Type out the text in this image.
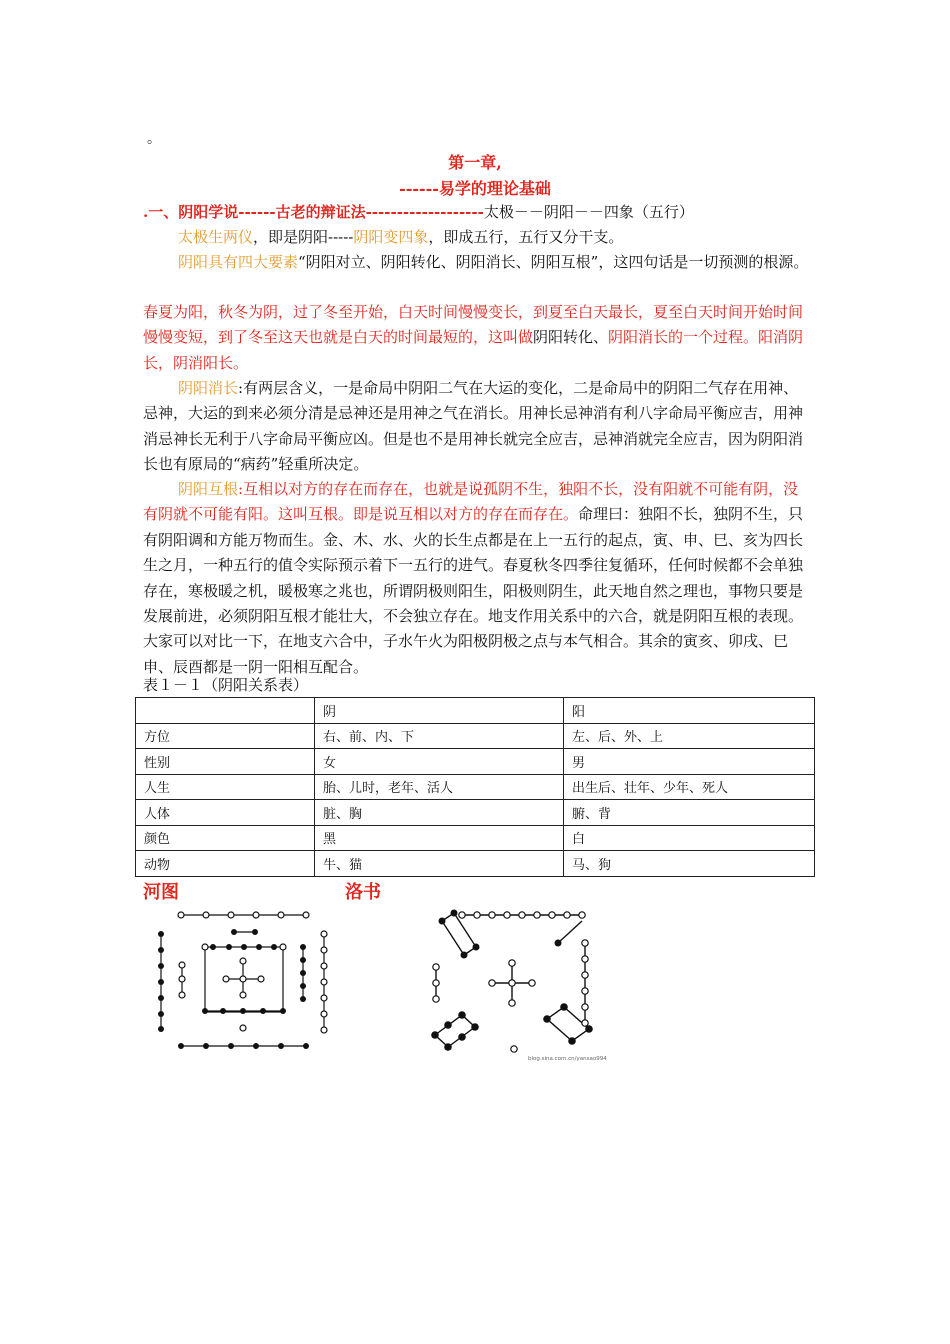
。
第一章,
------易学的理论基础
.一、阴阳学说------古老的辩证法-------------------太极－－阴阳－－四象（五行）
太极生两仪，即是阴阳-----阴阳变四象，即成五行，五行又分干支。
阴阳具有四大要素“阴阳对立、阴阳转化、阴阳消长、阴阳互根”，这四句话是一切预测的根源。
春夏为阳，秋冬为阴，过了冬至开始，白天时间慢慢变长，到夏至白天最长，夏至白天时间开始时间慢慢变短，到了冬至这天也就是白天的时间最短的，这叫做阴阳转化、阴阳消长的一个过程。阳消阴长，阴消阳长。
阴阳消长:有两层含义，一是命局中阴阳二气在大运的变化，二是命局中的阴阳二气存在用神、忌神，大运的到来必须分清是忌神还是用神之气在消长。用神长忌神消有利八字命局平衡应吉，用神消忌神长无利于八字命局平衡应凶。但是也不是用神长就完全应吉，忌神消就完全应吉，因为阴阳消长也有原局的“病药”轻重所决定。
阴阳互根:互相以对方的存在而存在，也就是说孤阴不生，独阳不长，没有阳就不可能有阴，没有阴就不可能有阳。这叫互根。即是说互相以对方的存在而存在。命理曰：独阳不长，独阴不生，只有阴阳调和方能万物而生。金、木、水、火的长生点都是在上一五行的起点，寅、申、巳、亥为四长生之月，一种五行的值令实际预示着下一五行的进气。春夏秋冬四季往复循环，任何时候都不会单独存在，寒极暖之机，暖极寒之兆也，所谓阴极则阳生，阳极则阴生，此天地自然之理也，事物只要是发展前进，必须阴阳互根才能壮大，不会独立存在。地支作用关系中的六合，就是阴阳互根的表现。大家可以对比一下，在地支六合中，子水午火为阳极阴极之点与本气相合。其余的寅亥、卯戌、巳申、辰酉都是一阴一阳相互配合。
表１－１（阴阳关系表）
	阴	阳
方位	右、前、内、下	左、后、外、上
性别	女	男
人生	胎、儿时，老年、活人	出生后、壮年、少年、死人
人体	脏、胸	腑、背
颜色	黑	白
动物	牛、猫	马、狗
河图	洛书
blog.sina.com.cn/yansao994
